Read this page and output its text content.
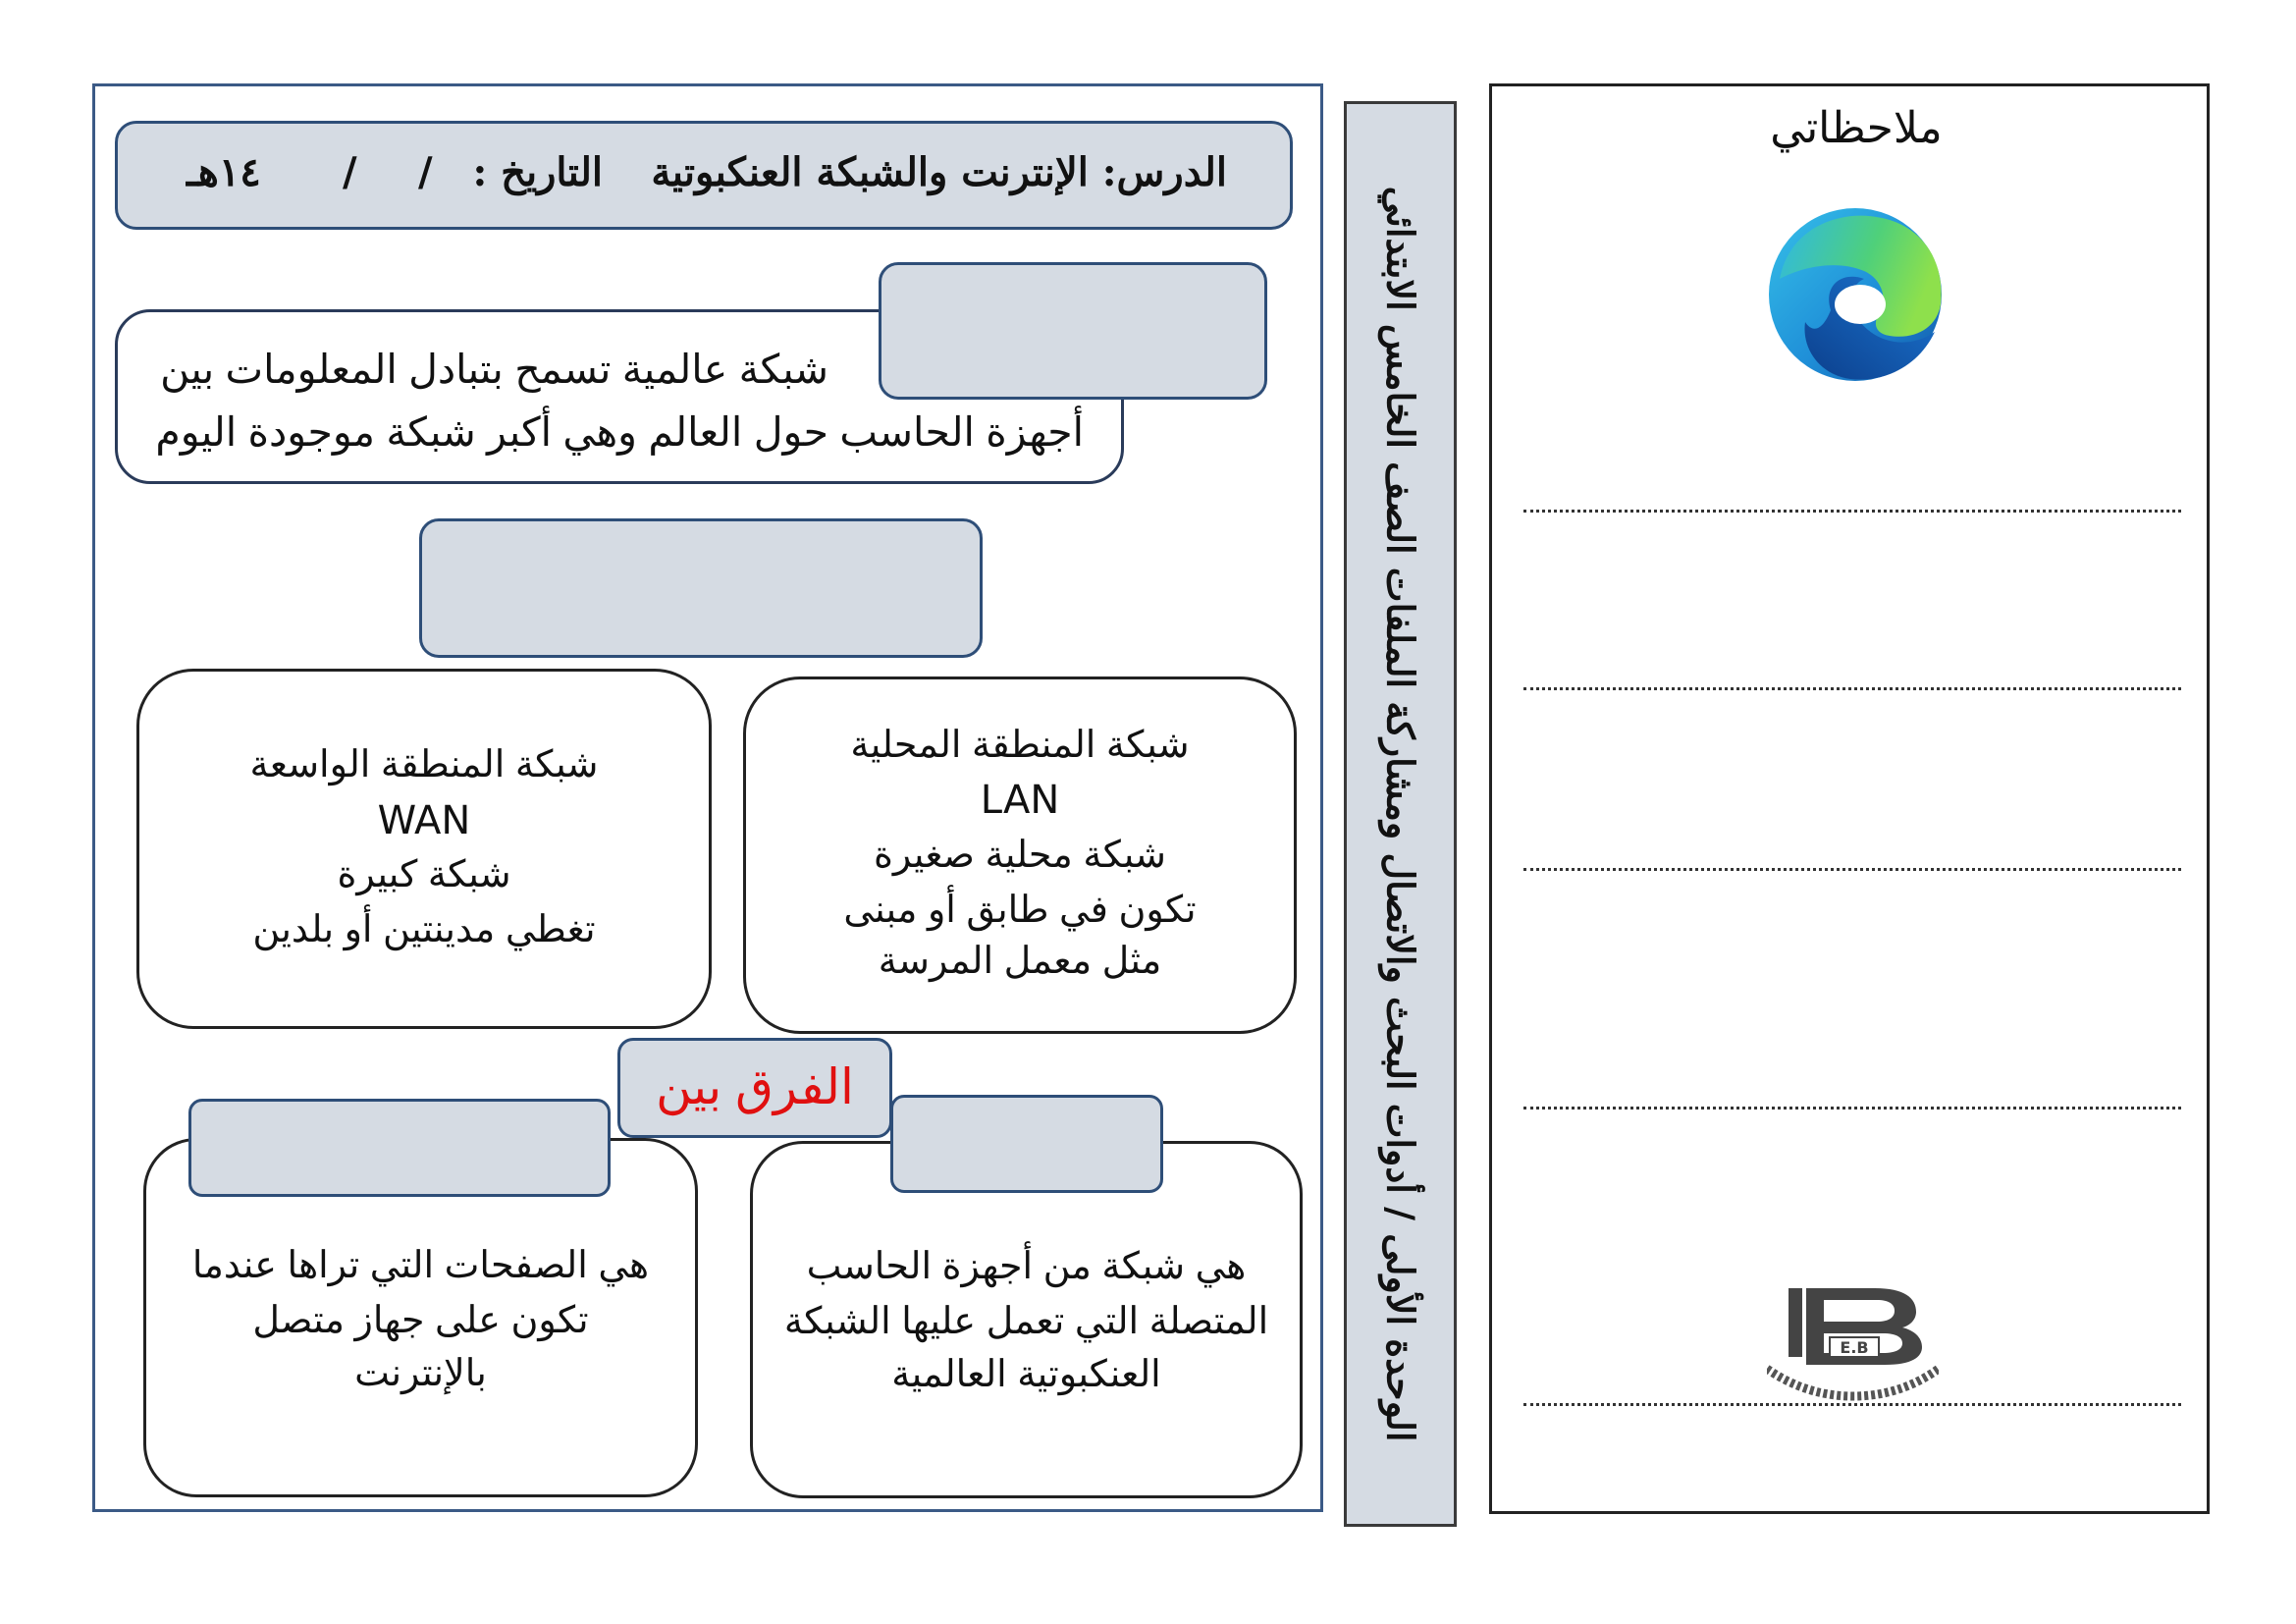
الدرس: الإنترنت والشبكة العنكبوتية
التاريخ :
/
/
١٤هـ
شبكة عالمية تسمح بتبادل المعلومات بين
أجهزة الحاسب حول العالم وهي أكبر شبكة موجودة اليوم
شبكة المنطقة الواسعة
WAN
شبكة كبيرة
تغطي مدينتين أو بلدين
شبكة المنطقة المحلية
LAN
شبكة محلية صغيرة
تكون في طابق أو مبنى
مثل معمل المرسة
الفرق بين
هي الصفحات التي تراها عندما
تكون على جهاز متصل
بالإنترنت
هي شبكة من أجهزة الحاسب
المتصلة التي تعمل عليها الشبكة
العنكبوتية العالمية	الوحدة الأولى / أدوات البحث والاتصال ومشاركة الملفات الصف الخامس الابتدائي
ملاحظاتي
E.B
